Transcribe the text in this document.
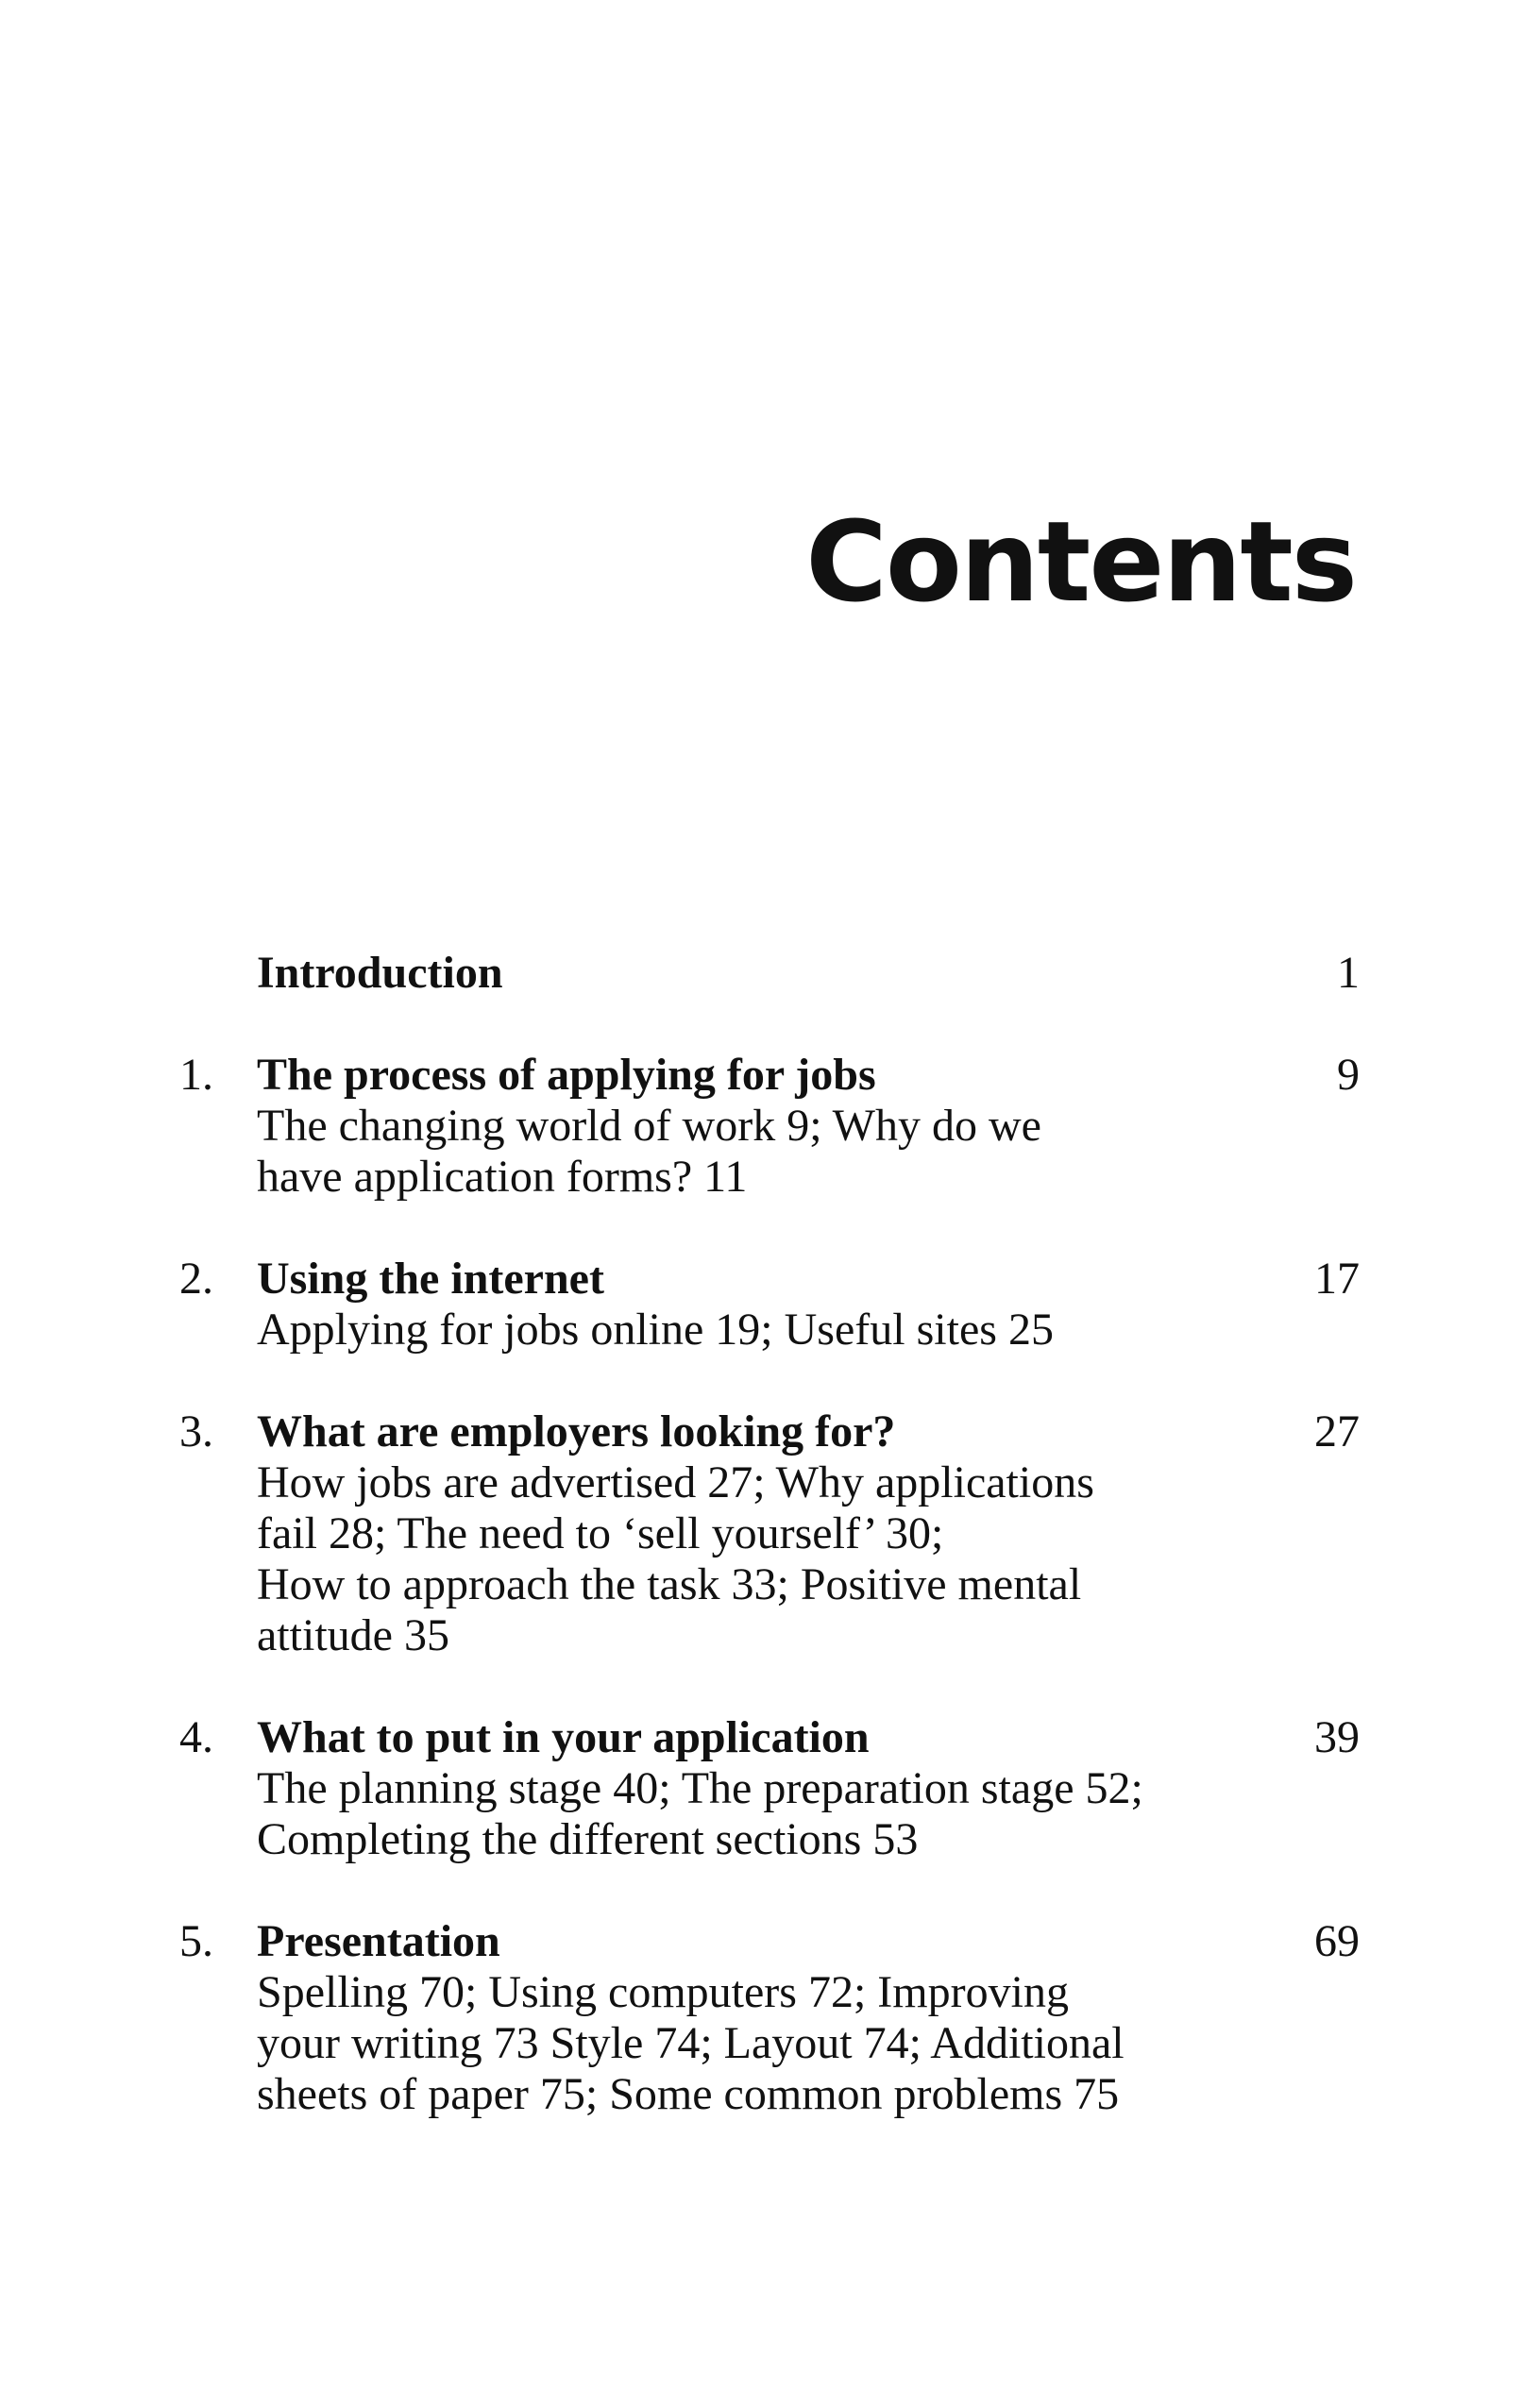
Contents
Introduction	1
1. The process of applying for jobs	9
The changing world of work 9; Why do we
have application forms? 11
2. Using the internet	17
Applying for jobs online 19; Useful sites 25
3. What are employers looking for?	27
How jobs are advertised 27; Why applications
fail 28; The need to ‘sell yourself’ 30;
How to approach the task 33; Positive mental
attitude 35
4. What to put in your application	39
The planning stage 40; The preparation stage 52;
Completing the different sections 53
5. Presentation	69
Spelling 70; Using computers 72; Improving
your writing 73 Style 74; Layout 74; Additional
sheets of paper 75; Some common problems 75
